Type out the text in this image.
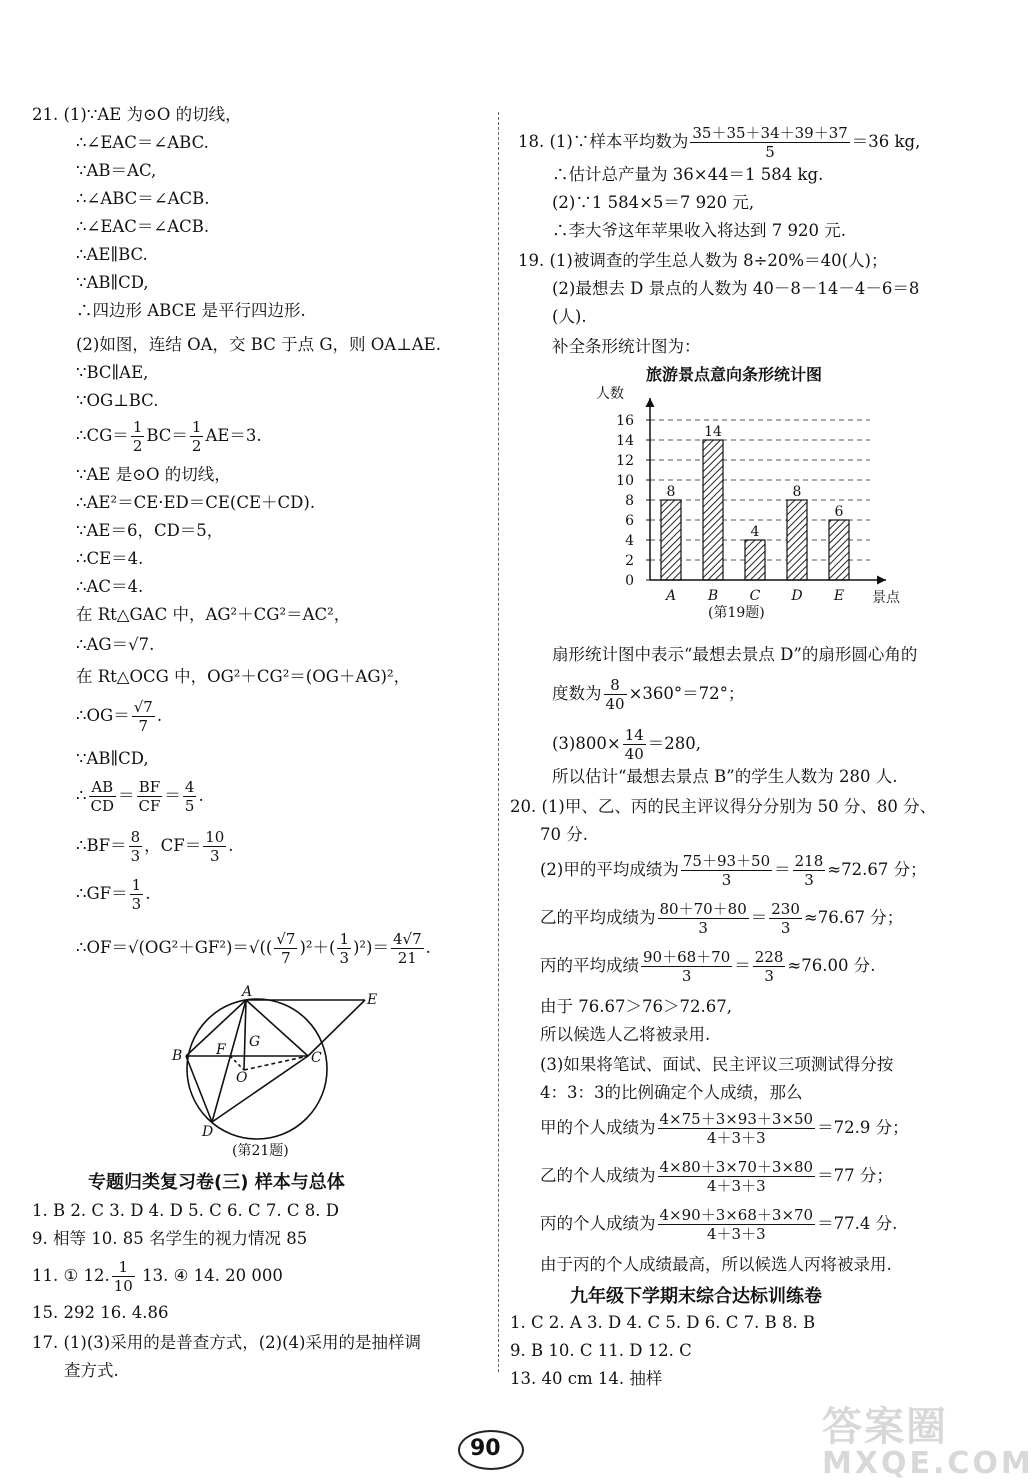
21. (1)∵AE 为⊙O 的切线，
∴∠EAC＝∠ABC.
∵AB＝AC,
∴∠ABC＝∠ACB.
∴∠EAC＝∠ACB.
∴AE∥BC.
∵AB∥CD,
∴四边形 ABCE 是平行四边形.
(2)如图，连结 OA，交 BC 于点 G，则 OA⊥AE.
∵BC∥AE,
∵OG⊥BC.
∴CG＝ $\frac{1}{2} BC= \frac{1}{2} AE=3$.
∵AE 是⊙O 的切线，
∴AE²＝CE·ED＝CE(CE＋CD).
∵AE＝6，CD＝5，
∴CE＝4.
∴AC＝4.
在 Rt△GAC 中，AG²＋CG²＝AC²，
∴AG＝√7.
在 Rt△OCG 中，OG²＋CG²＝(OG＋AG)²，
∴OG＝ $\frac{√7}{7}$ .
∵AB∥CD,
∴ $\frac{AB}{CD} = \frac{BF}{CF} = \frac{4}{5}$ .
∴BF＝ $\frac{8}{3}$ ，$CF= \frac{10}{3}$ .
∴GF＝ $\frac{1}{3}$ .
∴OF＝√(OG²＋GF²)＝√(( $\frac{√7}{7} )^2+( \frac{1}{3} )^2)= \frac{4√7}{21}$ .
A	E
B	C
F G
O
D
(第21题)
专题归类复习卷(三) 样本与总体
1. B 2. C 3. D 4. D 5. C 6. C 7. C 8. D
9. 相等 10. 85 名学生的视力情况 85
11. ① 12. $\frac{1}{10} 13$. ④ 14. 20 000
15. 292 16. 4.86
17. (1)(3)采用的是普查方式，(2)(4)采用的是抽样调
查方式.
18. (1)∵样本平均数为 $\frac{35+35+34+39+37}{5} =36$ kg,
∴估计总产量为 36×44＝1 584 kg.
(2)∵1 584×5＝7 920 元,
∴李大爷这年苹果收入将达到 7 920 元.
19. (1)被调查的学生总人数为 8÷20%＝40(人)；
(2)最想去 D 景点的人数为 40－8－14－4－6＝8
(人).
补全条形统计图为：
旅游景点意向条形统计图
0
2
4
6
8
10
12
14
16
人数
景点
8
A
14
B
4
C
8
D
6
E
(第19题)
扇形统计图中表示“最想去景点 D”的扇形圆心角的
度数为 $\frac{8}{40} \times 360^\circ=72^\circ$；
$(3)800\times \frac{14}{40} =280$,
所以估计“最想去景点 B”的学生人数为 280 人.
20. (1)甲、乙、丙的民主评议得分分别为 50 分、80 分、
70 分.
(2)甲的平均成绩为 $\frac{75+93+50}{3} = \frac{218}{3} \approx 72.67$ 分；
乙的平均成绩为 $\frac{80+70+80}{3} = \frac{230}{3} \approx 76.67$ 分；
丙的平均成绩 $\frac{90+68+70}{3} = \frac{228}{3} \approx 76.00$ 分.
由于 76.67＞76＞72.67,
所以候选人乙将被录用.
(3)如果将笔试、面试、民主评议三项测试得分按
4：3：3的比例确定个人成绩，那么
甲的个人成绩为 $\frac{4\times 75+3\times 93+3\times 50}{4+3+3} =72.9$ 分；
乙的个人成绩为 $\frac{4\times 80+3\times 70+3\times 80}{4+3+3} =77$ 分；
丙的个人成绩为 $\frac{4\times 90+3\times 68+3\times 70}{4+3+3} =77.4$ 分.
由于丙的个人成绩最高，所以候选人丙将被录用.
九年级下学期末综合达标训练卷
1. C 2. A 3. D 4. C 5. D 6. C 7. B 8. B
9. B 10. C 11. D 12. C
13. 40 cm 14. 抽样
90	答案圈
MXQE.COM
